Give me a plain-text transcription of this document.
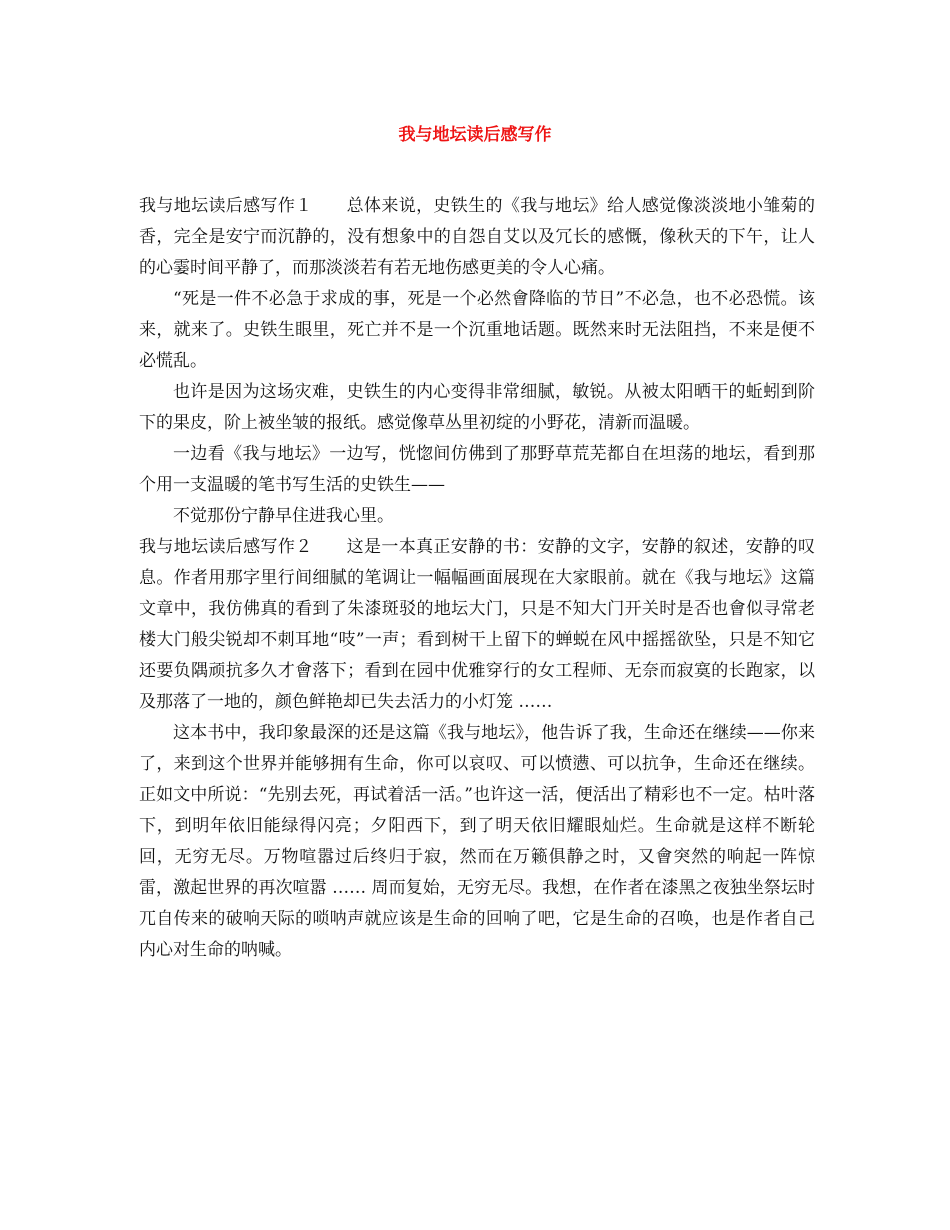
我与地坛读后感写作

我与地坛读后感写作１ 总体来说，史铁生的《我与地坛》给人感觉像淡淡地小雏菊的香，完全是安宁而沉静的，没有想象中的自怨自艾以及冗长的感慨，像秋天的下午，让人的心霎时间平静了，而那淡淡若有若无地伤感更美的令人心痛。

“死是一件不必急于求成的事，死是一个必然會降临的节日”不必急，也不必恐慌。该来，就来了。史铁生眼里，死亡并不是一个沉重地话题。既然来时无法阻挡，不来是便不必慌乱。

也许是因为这场灾难，史铁生的内心变得非常细腻，敏锐。从被太阳晒干的蚯蚓到阶下的果皮，阶上被坐皱的报纸。感觉像草丛里初绽的小野花，清新而温暖。

一边看《我与地坛》一边写，恍惚间仿佛到了那野草荒芜都自在坦荡的地坛，看到那个用一支温暖的笔书写生活的史铁生——

不觉那份宁静早住进我心里。

我与地坛读后感写作２ 这是一本真正安静的书：安静的文字，安静的叙述，安静的叹息。作者用那字里行间细腻的笔调让一幅幅画面展现在大家眼前。就在《我与地坛》这篇文章中，我仿佛真的看到了朱漆斑驳的地坛大门，只是不知大门开关时是否也會似寻常老楼大门般尖锐却不刺耳地“吱”一声；看到树干上留下的蝉蜕在风中摇摇欲坠，只是不知它还要负隅顽抗多久才會落下；看到在园中优雅穿行的女工程师、无奈而寂寞的长跑家，以及那落了一地的，颜色鲜艳却已失去活力的小灯笼 ……

这本书中，我印象最深的还是这篇《我与地坛》，他告诉了我，生命还在继续——你来了，来到这个世界并能够拥有生命，你可以哀叹、可以愤懑、可以抗争，生命还在继续。正如文中所说：“先别去死，再试着活一活。”也许这一活，便活出了精彩也不一定。枯叶落下，到明年依旧能绿得闪亮；夕阳西下，到了明天依旧耀眼灿烂。生命就是这样不断轮回，无穷无尽。万物喧嚣过后终归于寂，然而在万籁俱静之时，又會突然的响起一阵惊雷，激起世界的再次喧嚣 …… 周而复始，无穷无尽。我想，在作者在漆黑之夜独坐祭坛时兀自传来的破响天际的唢呐声就应该是生命的回响了吧，它是生命的召唤，也是作者自己内心对生命的呐喊。
